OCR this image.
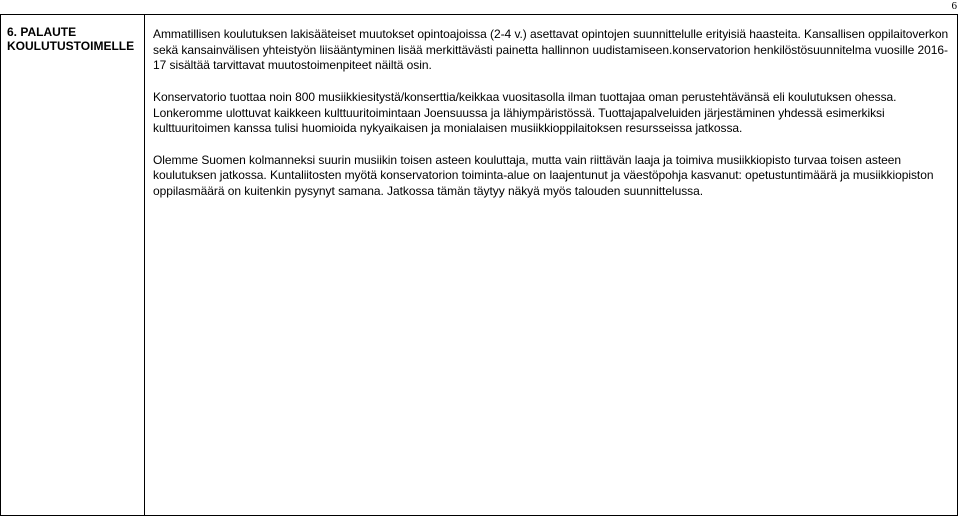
6
6. PALAUTE
KOULUTUSTOIMELLE

Ammatillisen koulutuksen lakisääteiset muutokset opintoajoissa (2-4 v.) asettavat opintojen suunnittelulle erityisiä haasteita. Kansallisen oppilaitoverkon sekä kansainvälisen yhteistyön liisääntyminen lisää merkittävästi painetta hallinnon uudistamiseen.konservatorion henkilöstösuunnitelma vuosille 2016-17 sisältää tarvittavat muutostoimenpiteet näiltä osin.

Konservatorio tuottaa noin 800 musiikkiesitystä/konserttia/keikkaa vuositasolla ilman tuottajaa oman perustehtävänsä eli koulutuksen ohessa. Lonkeromme ulottuvat kaikkeen kulttuuritoimintaan Joensuussa ja lähiympäristössä. Tuottajapalveluiden järjestäminen yhdessä esimerkiksi kulttuuritoimen kanssa tulisi huomioida nykyaikaisen ja monialaisen musiikkioppilaitoksen resursseissa jatkossa.

Olemme Suomen kolmanneksi suurin musiikin toisen asteen kouluttaja, mutta vain riittävän laaja ja toimiva musiikkiopisto turvaa toisen asteen koulutuksen jatkossa. Kuntaliitosten myötä konservatorion toiminta-alue on laajentunut ja väestöpohja kasvanut: opetustuntimäärä ja musiikkiopiston oppilasmäärä on kuitenkin pysynyt samana. Jatkossa tämän täytyy näkyä myös talouden suunnittelussa.
